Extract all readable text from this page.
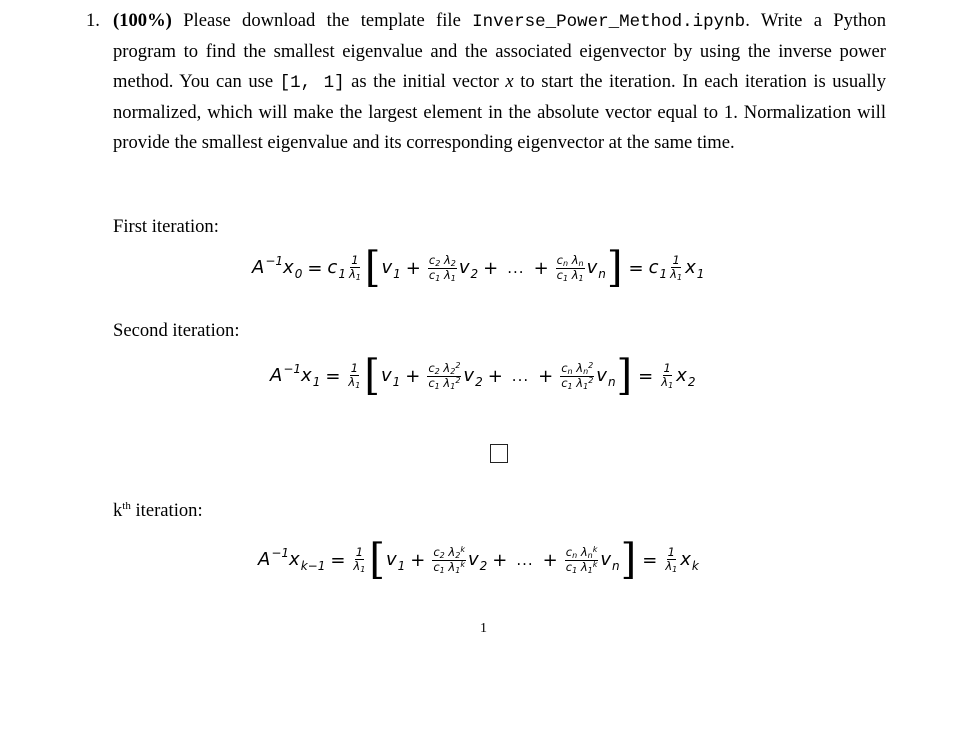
1. (100%) Please download the template file Inverse_Power_Method.ipynb. Write a Python program to find the smallest eigenvalue and the associated eigenvector by using the inverse power method. You can use [1, 1] as the initial vector x to start the iteration. In each iteration is usually normalized, which will make the largest element in the absolute vector equal to 1. Normalization will provide the smallest eigenvalue and its corresponding eigenvector at the same time.
First iteration:
Second iteration:
$k^{th}$ iteration:
$A^{-1}$ $x_0 = c_1 \frac{1}{\lambda_1}$ [ $v_1 + \frac{c_2 \lambda_2}{c_1 \lambda_1} v_2$ + ... + $\frac{c_n \lambda_n}{c_1 \lambda_1} v_n$ ] = $c_1 \frac{1}{\lambda_1} x_1$
$A^{-1}$ $x_1 = \frac{1}{\lambda_1}$ [ $v_1 + \frac{c_2 \lambda_2^2}{c_1 \lambda_1^2} v_2$ + ... + $\frac{c_n \lambda_n^2}{c_1 \lambda_1^2} v_n$ ] = $\frac{1}{\lambda_1} x_2$
$A^{-1}$ $x_{k-1} = \frac{1}{\lambda_1}$ [ $v_1 + \frac{c_2 \lambda_2^k}{c_1 \lambda_1^k} v_2$ + ... + $\frac{c_n \lambda_n^k}{c_1 \lambda_1^k} v_n$ ] = $\frac{1}{\lambda_1} x_k$
1
